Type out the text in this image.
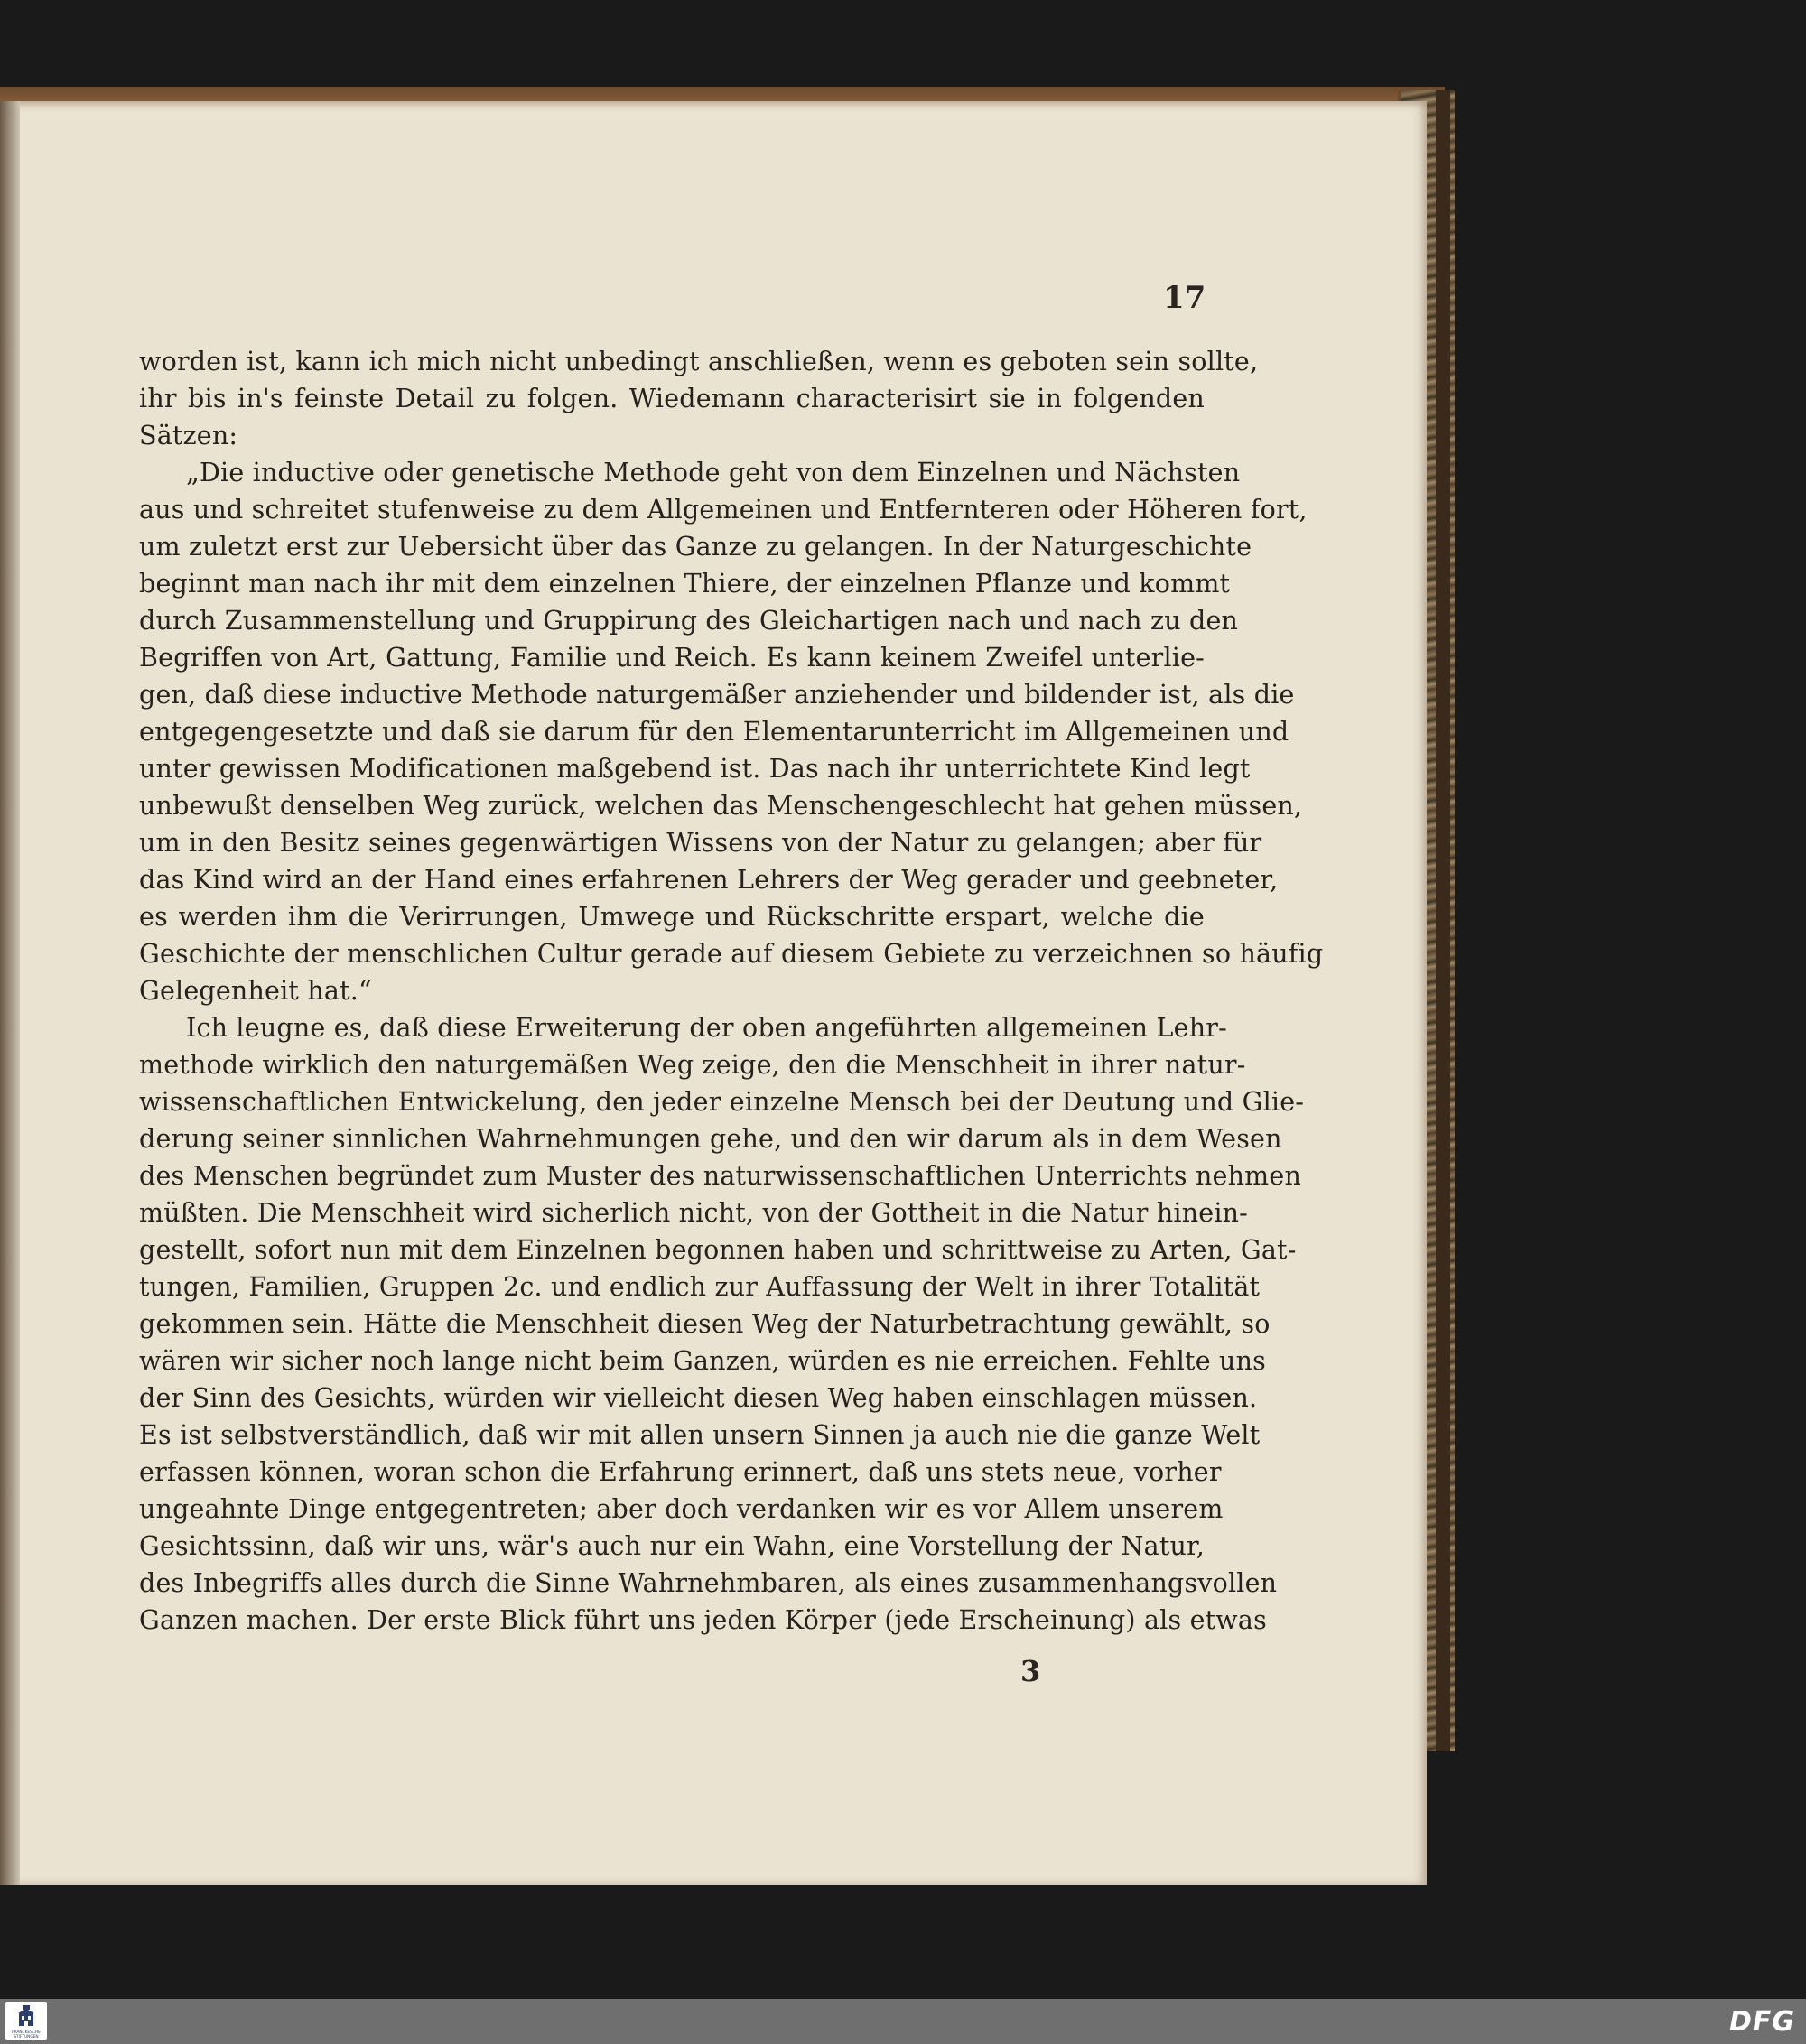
17
worden ist, kann ich mich nicht unbedingt anschließen, wenn es geboten sein sollte,
ihr bis in's feinste Detail zu folgen. Wiedemann characterisirt sie in folgenden
Sätzen:
„Die inductive oder genetische Methode geht von dem Einzelnen und Nächsten
aus und schreitet stufenweise zu dem Allgemeinen und Entfernteren oder Höheren fort,
um zuletzt erst zur Uebersicht über das Ganze zu gelangen. In der Naturgeschichte
beginnt man nach ihr mit dem einzelnen Thiere, der einzelnen Pflanze und kommt
durch Zusammenstellung und Gruppirung des Gleichartigen nach und nach zu den
Begriffen von Art, Gattung, Familie und Reich. Es kann keinem Zweifel unterlie-
gen, daß diese inductive Methode naturgemäßer anziehender und bildender ist, als die
entgegengesetzte und daß sie darum für den Elementarunterricht im Allgemeinen und
unter gewissen Modificationen maßgebend ist. Das nach ihr unterrichtete Kind legt
unbewußt denselben Weg zurück, welchen das Menschengeschlecht hat gehen müssen,
um in den Besitz seines gegenwärtigen Wissens von der Natur zu gelangen; aber für
das Kind wird an der Hand eines erfahrenen Lehrers der Weg gerader und geebneter,
es werden ihm die Verirrungen, Umwege und Rückschritte erspart, welche die
Geschichte der menschlichen Cultur gerade auf diesem Gebiete zu verzeichnen so häufig
Gelegenheit hat.“
Ich leugne es, daß diese Erweiterung der oben angeführten allgemeinen Lehr-
methode wirklich den naturgemäßen Weg zeige, den die Menschheit in ihrer natur-
wissenschaftlichen Entwickelung, den jeder einzelne Mensch bei der Deutung und Glie-
derung seiner sinnlichen Wahrnehmungen gehe, und den wir darum als in dem Wesen
des Menschen begründet zum Muster des naturwissenschaftlichen Unterrichts nehmen
müßten. Die Menschheit wird sicherlich nicht, von der Gottheit in die Natur hinein-
gestellt, sofort nun mit dem Einzelnen begonnen haben und schrittweise zu Arten, Gat-
tungen, Familien, Gruppen 2c. und endlich zur Auffassung der Welt in ihrer Totalität
gekommen sein. Hätte die Menschheit diesen Weg der Naturbetrachtung gewählt, so
wären wir sicher noch lange nicht beim Ganzen, würden es nie erreichen. Fehlte uns
der Sinn des Gesichts, würden wir vielleicht diesen Weg haben einschlagen müssen.
Es ist selbstverständlich, daß wir mit allen unsern Sinnen ja auch nie die ganze Welt
erfassen können, woran schon die Erfahrung erinnert, daß uns stets neue, vorher
ungeahnte Dinge entgegentreten; aber doch verdanken wir es vor Allem unserem
Gesichtssinn, daß wir uns, wär's auch nur ein Wahn, eine Vorstellung der Natur,
des Inbegriffs alles durch die Sinne Wahrnehmbaren, als eines zusammenhangsvollen
Ganzen machen. Der erste Blick führt uns jeden Körper (jede Erscheinung) als etwas
3
FRANCKESCHE
STIFTUNGEN	DFG
